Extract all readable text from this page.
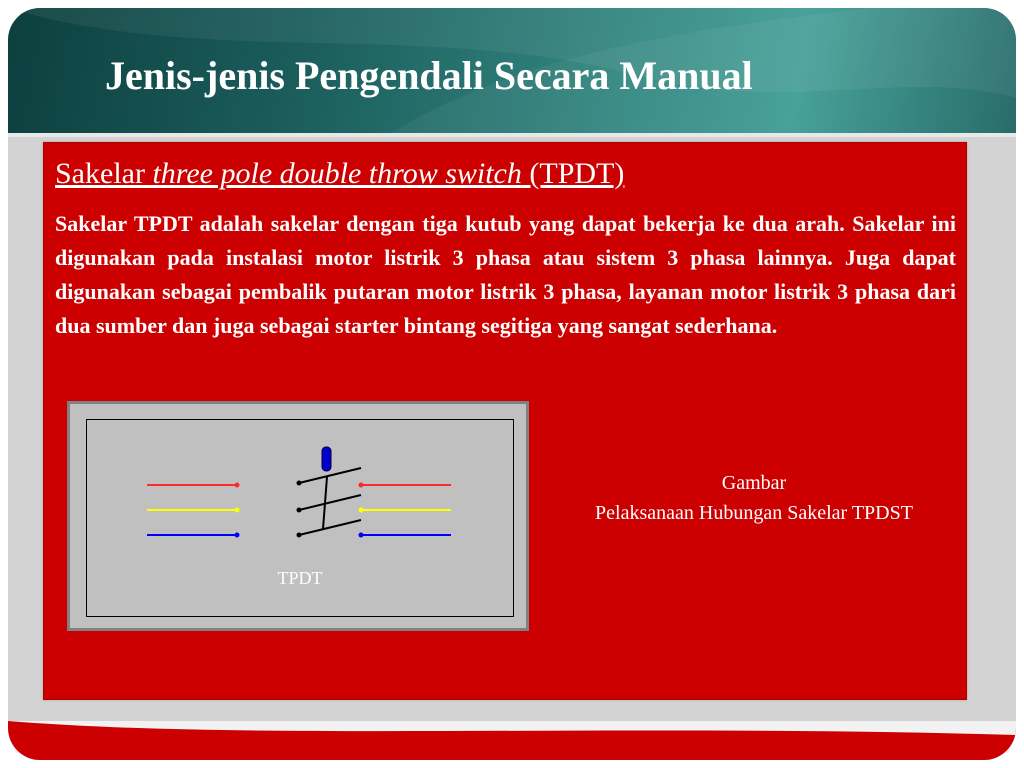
Jenis-jenis Pengendali Secara Manual
Sakelar three pole double throw switch (TPDT)

Sakelar TPDT adalah sakelar dengan tiga kutub yang dapat bekerja ke dua arah. Sakelar ini digunakan pada instalasi motor listrik 3 phasa atau sistem 3 phasa lainnya. Juga dapat digunakan sebagai pembalik putaran motor listrik 3 phasa, layanan motor listrik 3 phasa dari dua sumber dan juga sebagai starter bintang segitiga yang sangat sederhana.

TPDT
Gambar
Pelaksanaan Hubungan Sakelar TPDST
